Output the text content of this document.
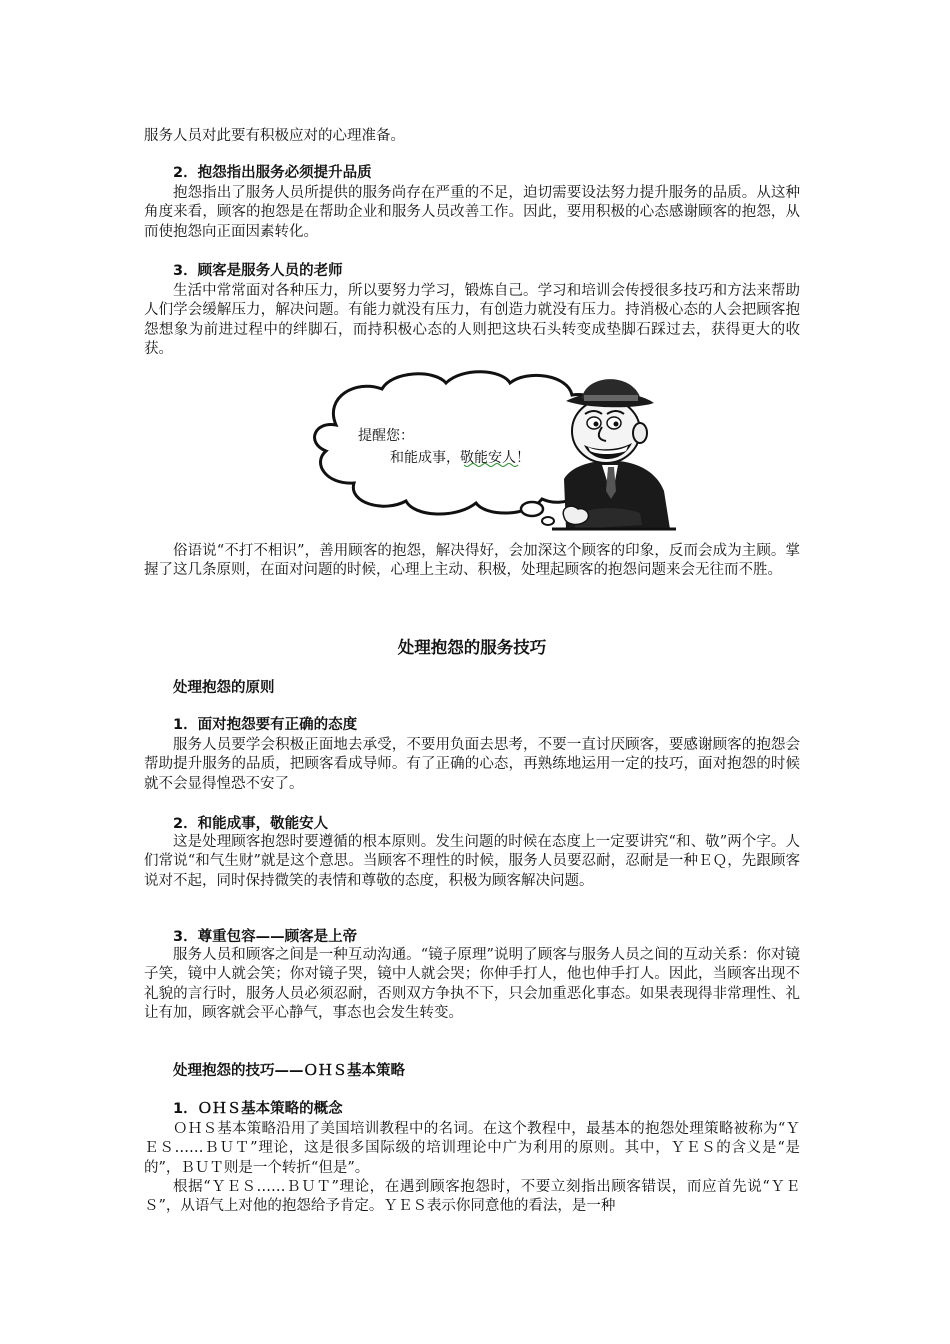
服务人员对此要有积极应对的心理准备。

2．抱怨指出服务必须提升品质

抱怨指出了服务人员所提供的服务尚存在严重的不足，迫切需要设法努力提升服务的品质。从这种角度来看，顾客的抱怨是在帮助企业和服务人员改善工作。因此，要用积极的心态感谢顾客的抱怨，从而使抱怨向正面因素转化。

3．顾客是服务人员的老师

生活中常常面对各种压力，所以要努力学习，锻炼自己。学习和培训会传授很多技巧和方法来帮助人们学会缓解压力，解决问题。有能力就没有压力，有创造力就没有压力。持消极心态的人会把顾客抱怨想象为前进过程中的绊脚石，而持积极心态的人则把这块石头转变成垫脚石踩过去，获得更大的收获。

提醒您：
和能成事，敬能安人！

俗语说“不打不相识”，善用顾客的抱怨，解决得好，会加深这个顾客的印象，反而会成为主顾。掌握了这几条原则，在面对问题的时候，心理上主动、积极，处理起顾客的抱怨问题来会无往而不胜。

处理抱怨的服务技巧
处理抱怨的原则
1．面对抱怨要有正确的态度

服务人员要学会积极正面地去承受，不要用负面去思考，不要一直讨厌顾客，要感谢顾客的抱怨会帮助提升服务的品质，把顾客看成导师。有了正确的心态，再熟练地运用一定的技巧，面对抱怨的时候就不会显得惶恐不安了。

2．和能成事，敬能安人

这是处理顾客抱怨时要遵循的根本原则。发生问题的时候在态度上一定要讲究“和、敬”两个字。人们常说“和气生财”就是这个意思。当顾客不理性的时候，服务人员要忍耐，忍耐是一种ＥＱ，先跟顾客说对不起，同时保持微笑的表情和尊敬的态度，积极为顾客解决问题。

3．尊重包容——顾客是上帝

服务人员和顾客之间是一种互动沟通。“镜子原理”说明了顾客与服务人员之间的互动关系：你对镜子笑，镜中人就会笑；你对镜子哭，镜中人就会哭；你伸手打人，他也伸手打人。因此，当顾客出现不礼貌的言行时，服务人员必须忍耐，否则双方争执不下，只会加重恶化事态。如果表现得非常理性、礼让有加，顾客就会平心静气，事态也会发生转变。

处理抱怨的技巧——ＯＨＳ基本策略
1．ＯＨＳ基本策略的概念

ＯＨＳ基本策略沿用了美国培训教程中的名词。在这个教程中，最基本的抱怨处理策略被称为“ＹＥＳ……ＢＵＴ”理论，这是很多国际级的培训理论中广为利用的原则。其中，ＹＥＳ的含义是“是的”，ＢＵＴ则是一个转折“但是”。

根据“ＹＥＳ……ＢＵＴ”理论，在遇到顾客抱怨时，不要立刻指出顾客错误，而应首先说“ＹＥＳ”，从语气上对他的抱怨给予肯定。ＹＥＳ表示你同意他的看法，是一种
